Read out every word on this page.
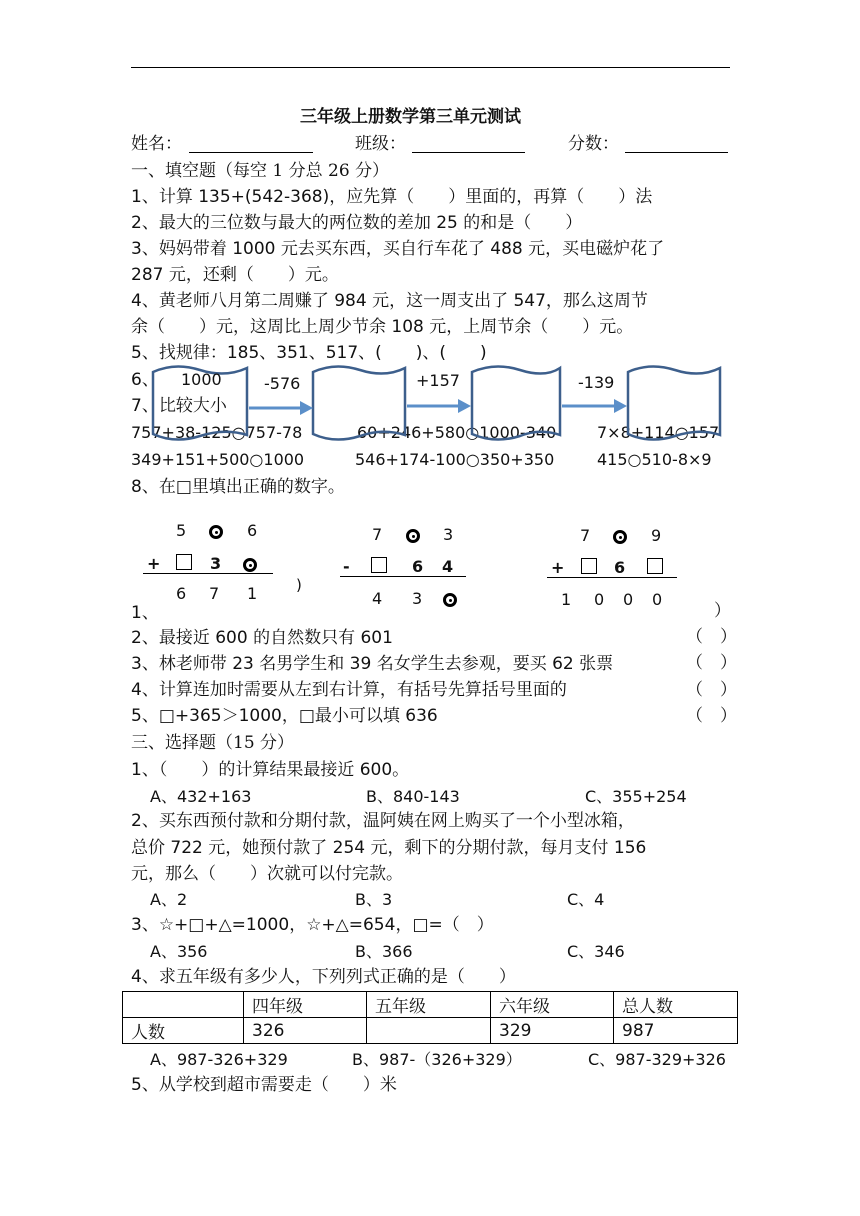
三年级上册数学第三单元测试
姓名：	班级：	分数：
一、填空题（每空 1 分总 26 分）
1、计算 135+(542-368)，应先算（　　）里面的，再算（　　）法
2、最大的三位数与最大的两位数的差加 25 的和是（　　）
3、妈妈带着 1000 元去买东西，买自行车花了 488 元，买电磁炉花了
287 元，还剩（　　）元。
4、黄老师八月第二周赚了 984 元，这一周支出了 547，那么这周节
余（　　）元，这周比上周少节余 108 元，上周节余（　　）元。
5、找规律：185、351、517、(　　)、(　　)
6、
7、比较大小
757+38-125○757-78	60+246+580○1000-340	7×8+114○157
349+151+500○1000	546+174-100○350+350	415○510-8×9
1000	-576	+157	-139
8、在□里填出正确的数字。
5	6
+	3
6 7 1
7	3
-	6 4
4 3
7	9
+	6
1 0 0 0
)
1、	）
2、最接近 600 的自然数只有 601	（　）
3、林老师带 23 名男学生和 39 名女学生去参观，要买 62 张票	（　）
4、计算连加时需要从左到右计算，有括号先算括号里面的	（　）
5、□+365＞1000，□最小可以填 636	（　）
三、选择题（15 分）
1、（　　）的计算结果最接近 600。
A、432+163	B、840-143	C、355+254
2、买东西预付款和分期付款，温阿姨在网上购买了一个小型冰箱，
总价 722 元，她预付款了 254 元，剩下的分期付款，每月支付 156
元，那么（　　）次就可以付完款。
A、2	B、3	C、4
3、☆+□+△=1000，☆+△=654，□=（　）
A、356	B、366	C、346
4、求五年级有多少人，下列列式正确的是（　　）
	四年级	五年级	六年级	总人数
人数	326		329	987
A、987-326+329	B、987-（326+329）	C、987-329+326
5、从学校到超市需要走（　　）米
